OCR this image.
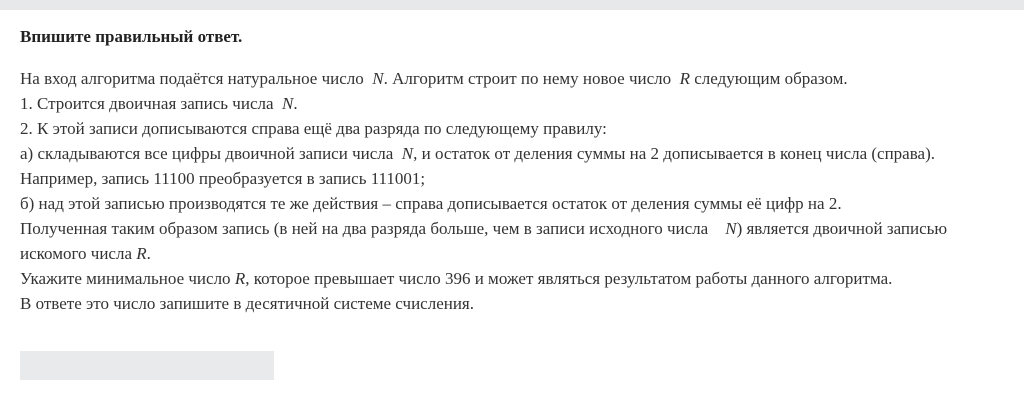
Впишите правильный ответ.
На вход алгоритма подаётся натуральное число N. Алгоритм строит по нему новое число R следующим образом.
1. Строится двоичная запись числа N.
2. К этой записи дописываются справа ещё два разряда по следующему правилу:
а) складываются все цифры двоичной записи числа N, и остаток от деления суммы на 2 дописывается в конец числа (справа).
Например, запись 11100 преобразуется в запись 111001;
б) над этой записью производятся те же действия – справа дописывается остаток от деления суммы её цифр на 2.
Полученная таким образом запись (в ней на два разряда больше, чем в записи исходного числа N) является двоичной записью
искомого числа R.
Укажите минимальное число R, которое превышает число 396 и может являться результатом работы данного алгоритма.
В ответе это число запишите в десятичной системе счисления.
